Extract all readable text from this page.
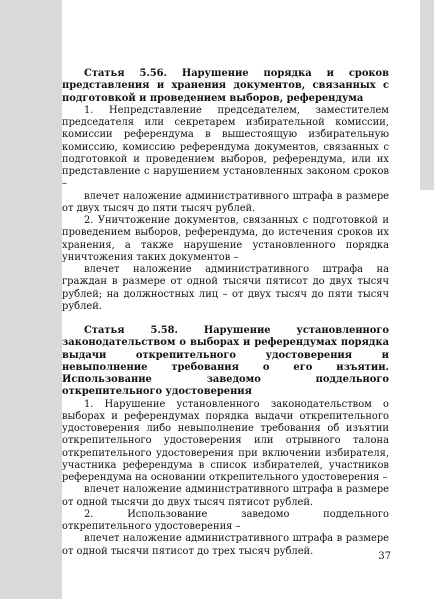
Статья 5.56. Нарушение порядка и сроков представления и хранения документов, связанных с подготовкой и проведением выборов, референдума

1. Непредставление председателем, заместителем председателя или секретарем избирательной комиссии, комиссии референдума в вышестоящую избирательную комиссию, комиссию референдума документов, связанных с подготовкой и проведением выборов, референдума, или их представление с нарушением установленных законом сроков –

влечет наложение административного штрафа в размере от двух тысяч до пяти тысяч рублей.

2. Уничтожение документов, связанных с подготовкой и проведением выборов, референдума, до истечения сроков их хранения, а также нарушение установленного порядка уничтожения таких документов –

влечет наложение административного штрафа на граждан в размере от одной тысячи пятисот до двух тысяч рублей; на должностных лиц – от двух тысяч до пяти тысяч рублей.

Статья 5.58. Нарушение установленного законодательством о выборах и референдумах порядка выдачи открепительного удостоверения и невыполнение требования о его изъятии. Использование заведомо поддельного открепительного удостоверения

1. Нарушение установленного законодательством о выборах и референдумах порядка выдачи открепительного удостоверения либо невыполнение требования об изъятии открепительного удостоверения или отрывного талона открепительного удостоверения при включении избирателя, участника референдума в список избирателей, участников референдума на основании открепительного удостоверения –

влечет наложение административного штрафа в размере от одной тысячи до двух тысяч пятисот рублей.

2. Использование заведомо поддельного открепительного удостоверения –

влечет наложение административного штрафа в размере от одной тысячи пятисот до трех тысяч рублей.	37
